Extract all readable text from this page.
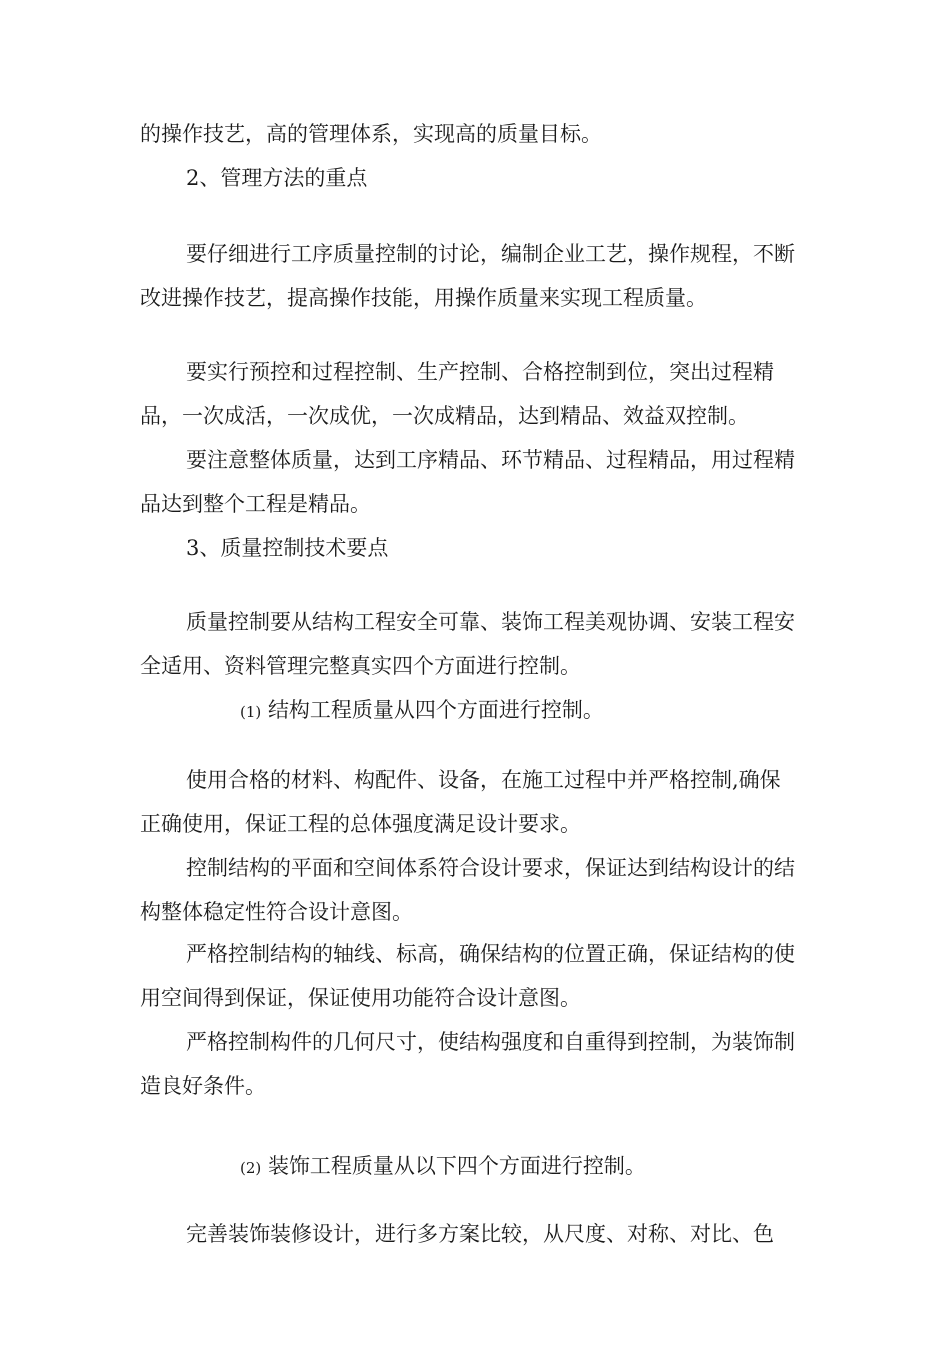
的操作技艺，高的管理体系，实现高的质量目标。
2、管理方法的重点
要仔细进行工序质量控制的讨论，编制企业工艺，操作规程，不断
改进操作技艺，提高操作技能，用操作质量来实现工程质量。
要实行预控和过程控制、生产控制、合格控制到位，突出过程精
品，一次成活，一次成优，一次成精品，达到精品、效益双控制。
要注意整体质量，达到工序精品、环节精品、过程精品，用过程精
品达到整个工程是精品。
3、质量控制技术要点
质量控制要从结构工程安全可靠、装饰工程美观协调、安装工程安
全适用、资料管理完整真实四个方面进行控制。
(1) 结构工程质量从四个方面进行控制。
使用合格的材料、构配件、设备，在施工过程中并严格控制,确保
正确使用，保证工程的总体强度满足设计要求。
控制结构的平面和空间体系符合设计要求，保证达到结构设计的结
构整体稳定性符合设计意图。
严格控制结构的轴线、标高，确保结构的位置正确，保证结构的使
用空间得到保证，保证使用功能符合设计意图。
严格控制构件的几何尺寸，使结构强度和自重得到控制，为装饰制
造良好条件。
(2) 装饰工程质量从以下四个方面进行控制。
完善装饰装修设计，进行多方案比较，从尺度、对称、对比、色
